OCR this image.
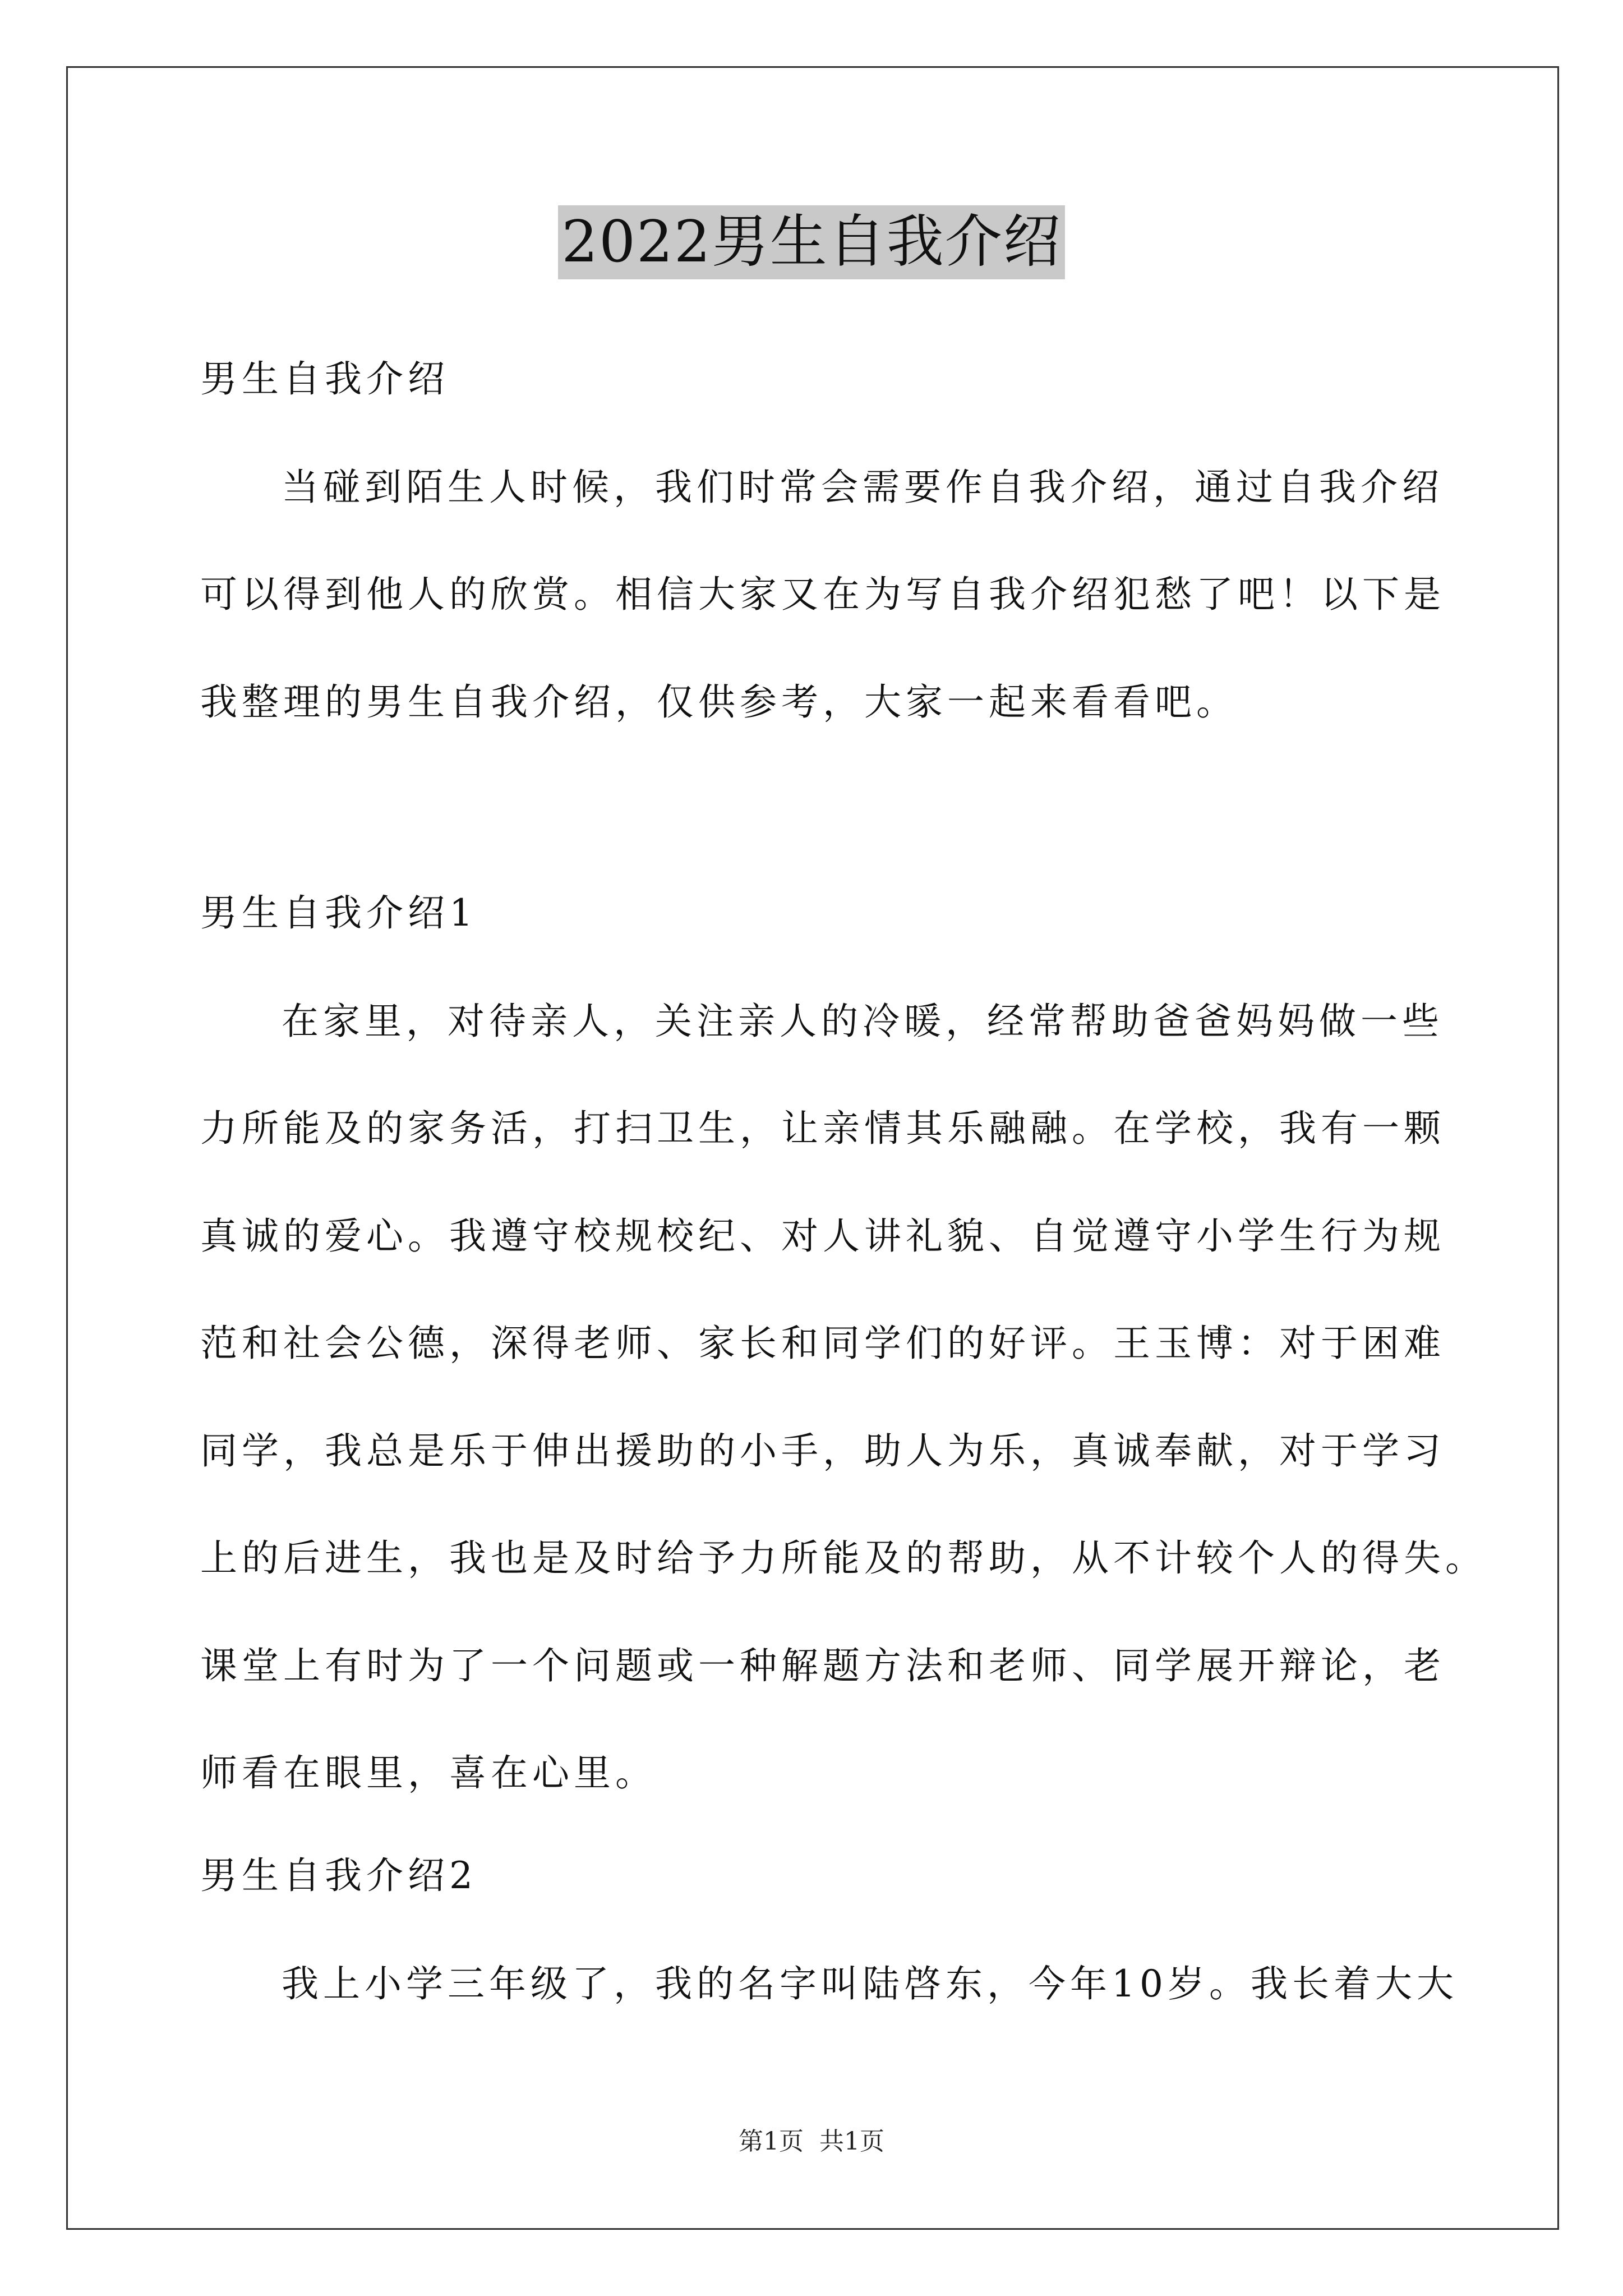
2022男生自我介绍
男生自我介绍
当碰到陌生人时候，我们时常会需要作自我介绍，通过自我介绍
可以得到他人的欣赏。相信大家又在为写自我介绍犯愁了吧！以下是
我整理的男生自我介绍，仅供参考，大家一起来看看吧。
男生自我介绍1
在家里，对待亲人，关注亲人的冷暖，经常帮助爸爸妈妈做一些
力所能及的家务活，打扫卫生，让亲情其乐融融。在学校，我有一颗
真诚的爱心。我遵守校规校纪、对人讲礼貌、自觉遵守小学生行为规
范和社会公德，深得老师、家长和同学们的好评。王玉博：对于困难
同学，我总是乐于伸出援助的小手，助人为乐，真诚奉献，对于学习
上的后进生，我也是及时给予力所能及的帮助，从不计较个人的得失。
课堂上有时为了一个问题或一种解题方法和老师、同学展开辩论，老
师看在眼里，喜在心里。
男生自我介绍2
我上小学三年级了，我的名字叫陆啓东，今年10岁。我长着大大
第1页 共1页
